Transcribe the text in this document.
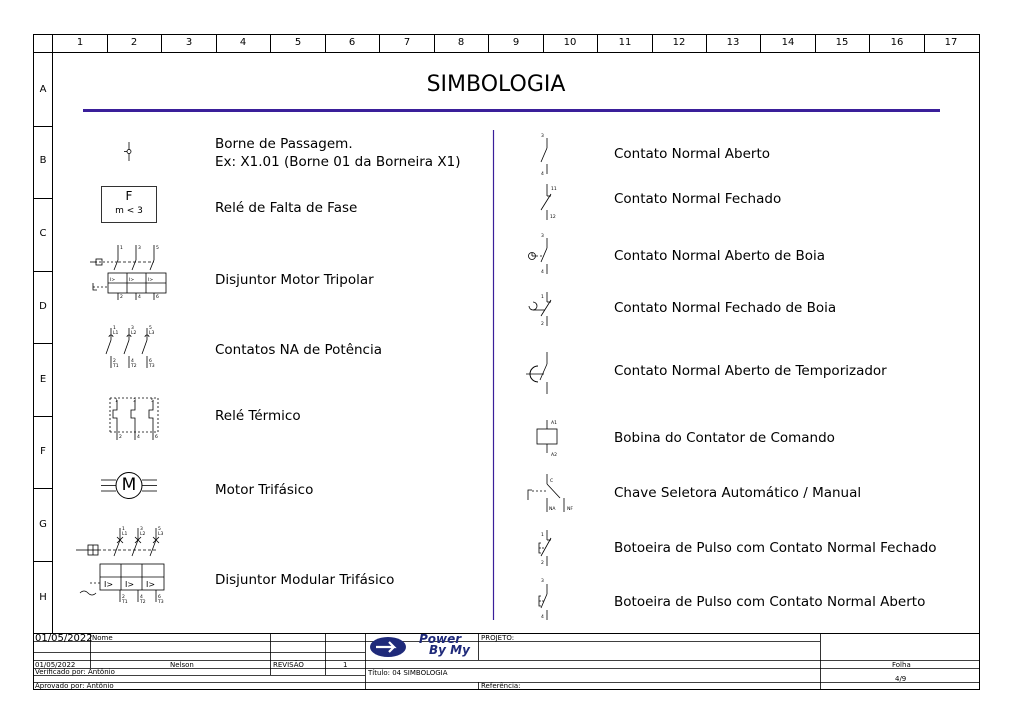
3
4
11
12
3
4
1
2
A1
A2
C
NA	NF
1
2
3
4
1	3	5
2	4	6
1
L1
3
L2
5
L3
2
T1
4
T2
6
T3
1	3	5
2	4	6
1
L1
3
L2
5
L3
2
T1
4
T2
6
T3
I>	I>	I>
I> I> I>
1	2	3	4	5	6	7	8	9	10	11	12	13	14	15	16	17
A
B
C
D
E
F
G
H
SIMBOLOGIA
Borne de Passagem.
Ex: X1.01 (Borne 01 da Borneira X1)
Relé de Falta de Fase
Disjuntor Motor Tripolar
Contatos NA de Potência
Relé Térmico
Motor Trifásico
Disjuntor Modular Trifásico
F
m < 3
M
Contato Normal Aberto
Contato Normal Fechado
Contato Normal Aberto de Boia
Contato Normal Fechado de Boia
Contato Normal Aberto de Temporizador
Bobina do Contator de Comando
Chave Seletora Automático / Manual
Botoeira de Pulso com Contato Normal Fechado
Botoeira de Pulso com Contato Normal Aberto
01/05/2022 Nome
01/05/2022	Nelson	REVISÃO	1
Verificado por: Antônio
Aprovado por: Antônio
Power
By My
PROJETO:
Título: 04 SIMBOLOGIA
Referência:
Folha
4/9
